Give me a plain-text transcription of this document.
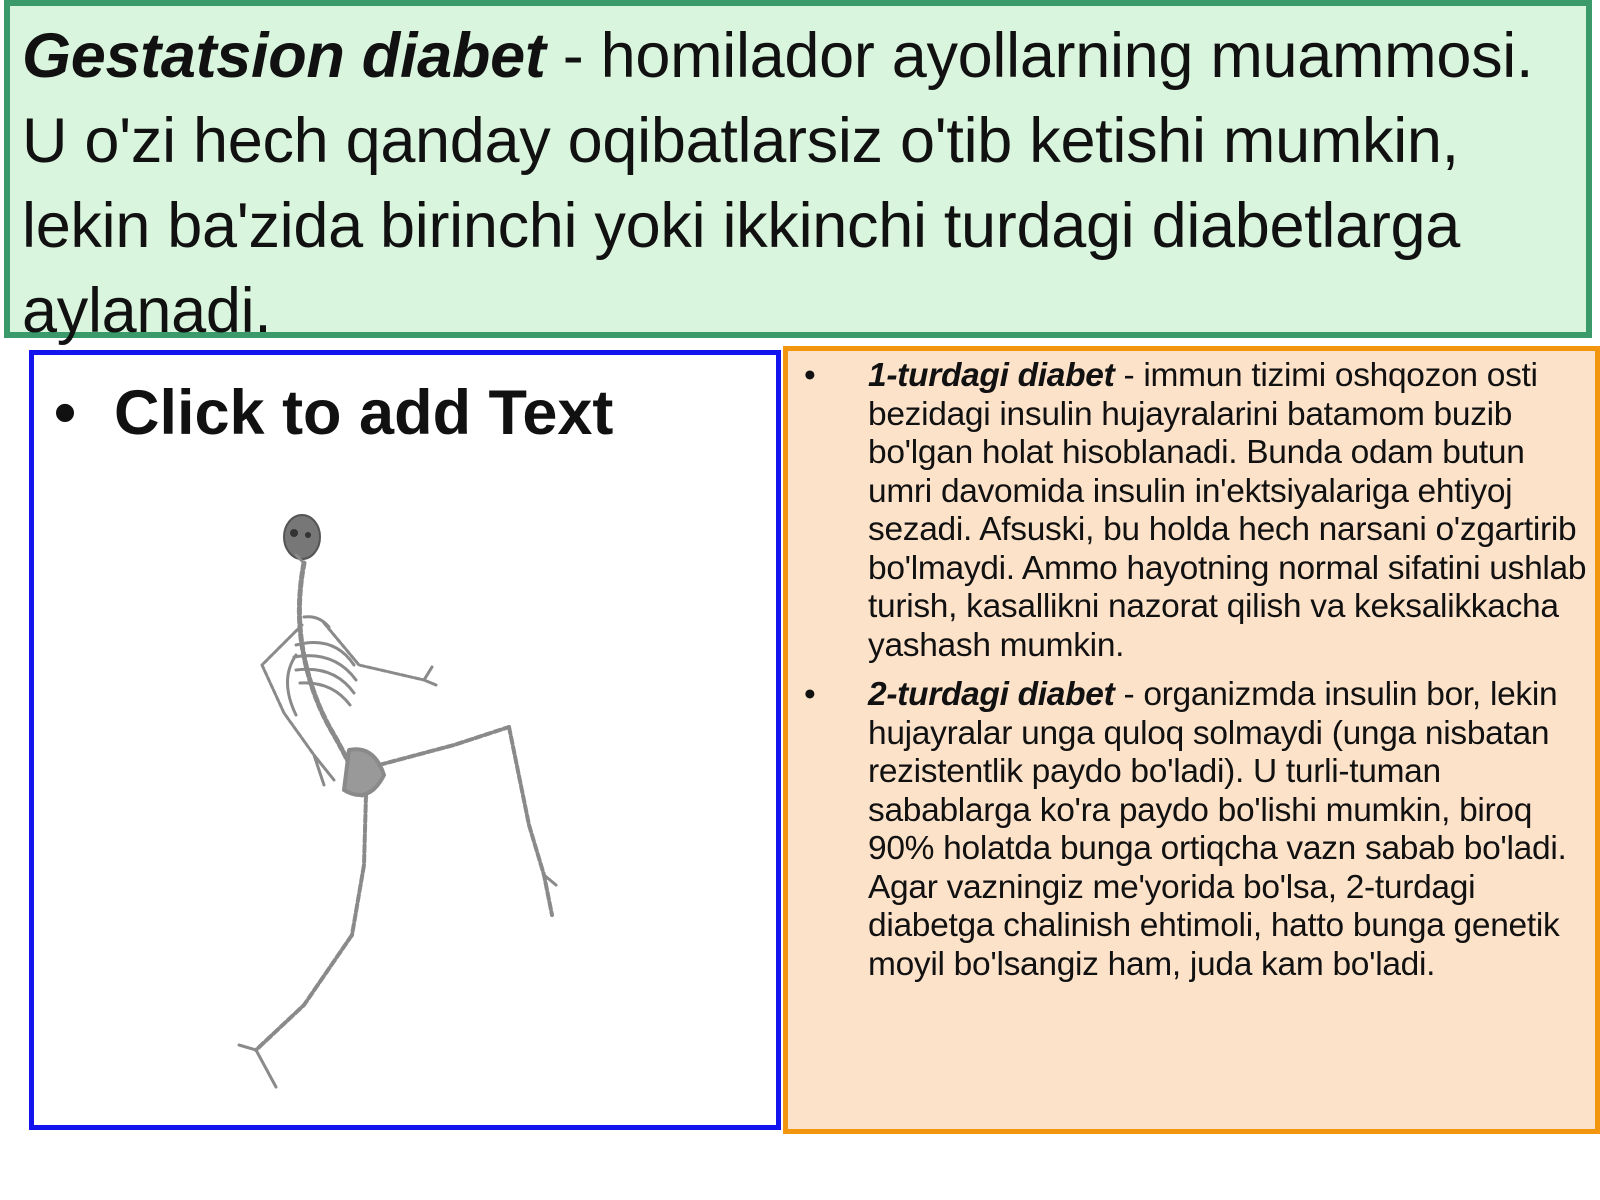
Gestatsion diabet - homilador ayollarning muammosi. U o'zi hech qanday oqibatlarsiz o'tib ketishi mumkin, lekin ba'zida birinchi yoki ikkinchi turdagi diabetlarga aylanadi.
• Click to add Text
• 1-turdagi diabet - immun tizimi oshqozon osti bezidagi insulin hujayralarini batamom buzib bo'lgan holat hisoblanadi. Bunda odam butun umri davomida insulin in'ektsiyalariga ehtiyoj sezadi. Afsuski, bu holda hech narsani o'zgartirib bo'lmaydi. Ammo hayotning normal sifatini ushlab turish, kasallikni nazorat qilish va keksalikkacha yashash mumkin.
• 2-turdagi diabet - organizmda insulin bor, lekin hujayralar unga quloq solmaydi (unga nisbatan rezistentlik paydo bo'ladi). U turli-tuman sabablarga ko'ra paydo bo'lishi mumkin, biroq 90% holatda bunga ortiqcha vazn sabab bo'ladi. Agar vazningiz me'yorida bo'lsa, 2-turdagi diabetga chalinish ehtimoli, hatto bunga genetik moyil bo'lsangiz ham, juda kam bo'ladi.
